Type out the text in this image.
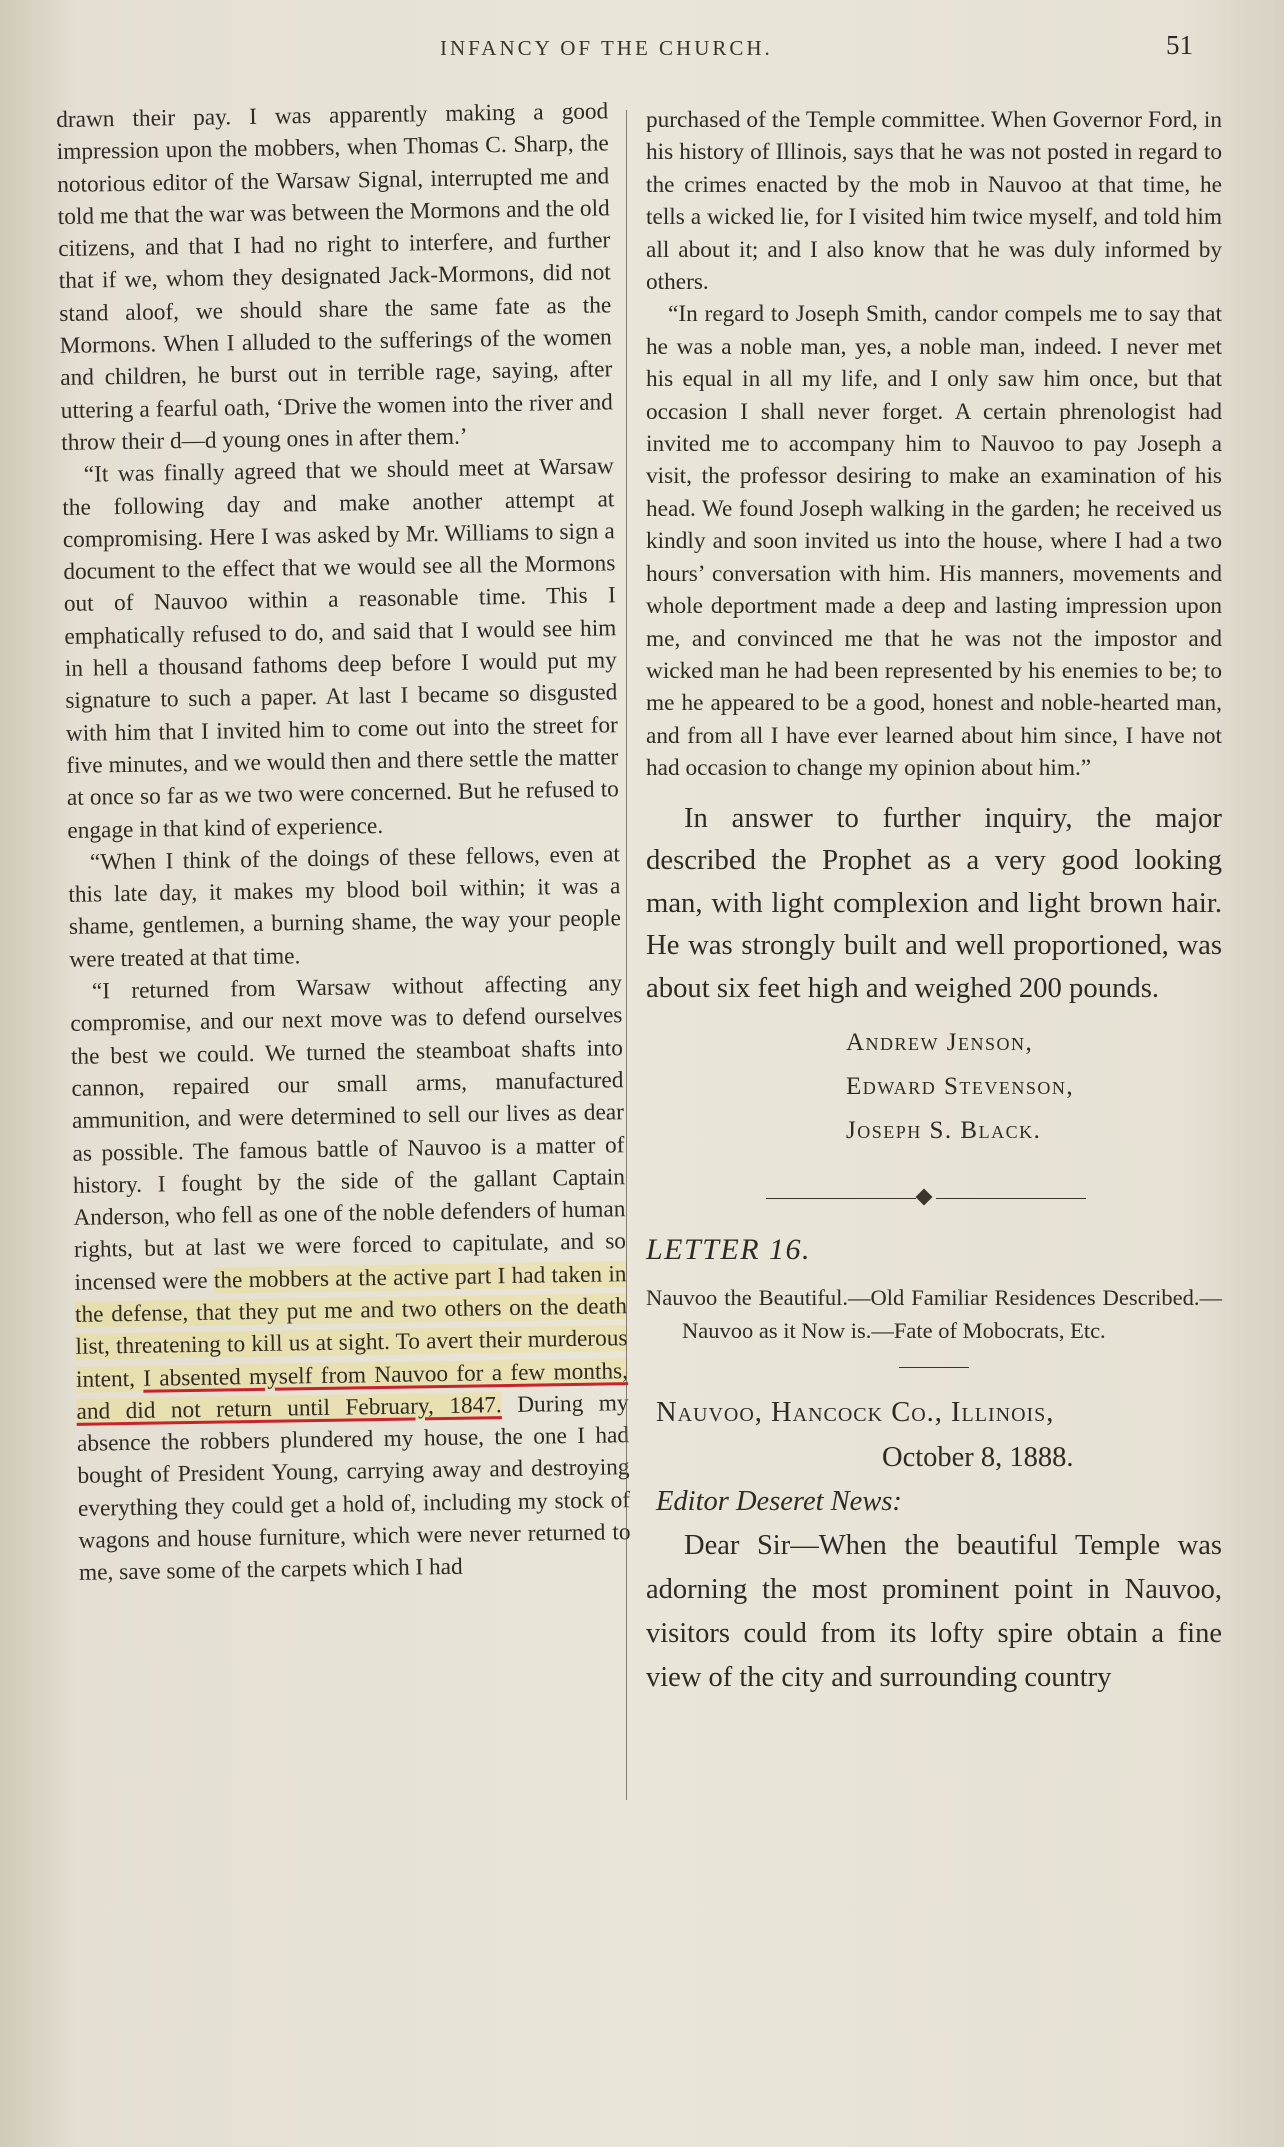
INFANCY OF THE CHURCH.	51

drawn their pay. I was apparently making a good impression upon the mobbers, when Thomas C. Sharp, the notorious editor of the Warsaw Signal, interrupted me and told me that the war was between the Mormons and the old citizens, and that I had no right to interfere, and further that if we, whom they designated Jack-Mormons, did not stand aloof, we should share the same fate as the Mormons. When I alluded to the sufferings of the women and children, he burst out in terrible rage, saying, after uttering a fearful oath, ‘Drive the women into the river and throw their d—d young ones in after them.’

“It was finally agreed that we should meet at Warsaw the following day and make another attempt at compromising. Here I was asked by Mr. Williams to sign a document to the effect that we would see all the Mormons out of Nauvoo within a reasonable time. This I emphatically refused to do, and said that I would see him in hell a thousand fathoms deep before I would put my signature to such a paper. At last I became so disgusted with him that I invited him to come out into the street for five minutes, and we would then and there settle the matter at once so far as we two were concerned. But he refused to engage in that kind of experience.

“When I think of the doings of these fellows, even at this late day, it makes my blood boil within; it was a shame, gentlemen, a burning shame, the way your people were treated at that time.

“I returned from Warsaw without affecting any compromise, and our next move was to defend ourselves the best we could. We turned the steamboat shafts into cannon, repaired our small arms, manufactured ammunition, and were determined to sell our lives as dear as possible. The famous battle of Nauvoo is a matter of history. I fought by the side of the gallant Captain Anderson, who fell as one of the noble defenders of human rights, but at last we were forced to capitulate, and so incensed were the mobbers at the active part I had taken in the defense, that they put me and two others on the death list, threatening to kill us at sight. To avert their murderous intent, I absented myself from Nauvoo for a few months, and did not return until February, 1847. During my absence the robbers plundered my house, the one I had bought of President Young, carrying away and destroying everything they could get a hold of, including my stock of wagons and house furniture, which were never returned to me, save some of the carpets which I had

purchased of the Temple committee. When Governor Ford, in his history of Illinois, says that he was not posted in regard to the crimes enacted by the mob in Nauvoo at that time, he tells a wicked lie, for I visited him twice myself, and told him all about it; and I also know that he was duly informed by others.

“In regard to Joseph Smith, candor compels me to say that he was a noble man, yes, a noble man, indeed. I never met his equal in all my life, and I only saw him once, but that occasion I shall never forget. A certain phrenologist had invited me to accompany him to Nauvoo to pay Joseph a visit, the professor desiring to make an examination of his head. We found Joseph walking in the garden; he received us kindly and soon invited us into the house, where I had a two hours’ conversation with him. His manners, movements and whole deportment made a deep and lasting impression upon me, and convinced me that he was not the impostor and wicked man he had been represented by his enemies to be; to me he appeared to be a good, honest and noble-hearted man, and from all I have ever learned about him since, I have not had occasion to change my opinion about him.”

In answer to further inquiry, the major described the Prophet as a very good looking man, with light complexion and light brown hair. He was strongly built and well proportioned, was about six feet high and weighed 200 pounds.

Andrew Jenson,
Edward Stevenson,
Joseph S. Black.

LETTER 16.

Nauvoo the Beautiful.—Old Familiar Residences Described.—Nauvoo as it Now is.—Fate of Mobocrats, Etc.

Nauvoo, Hancock Co., Illinois,
October 8, 1888.

Editor Deseret News:

Dear Sir—When the beautiful Temple was adorning the most prominent point in Nauvoo, visitors could from its lofty spire obtain a fine view of the city and surrounding country
